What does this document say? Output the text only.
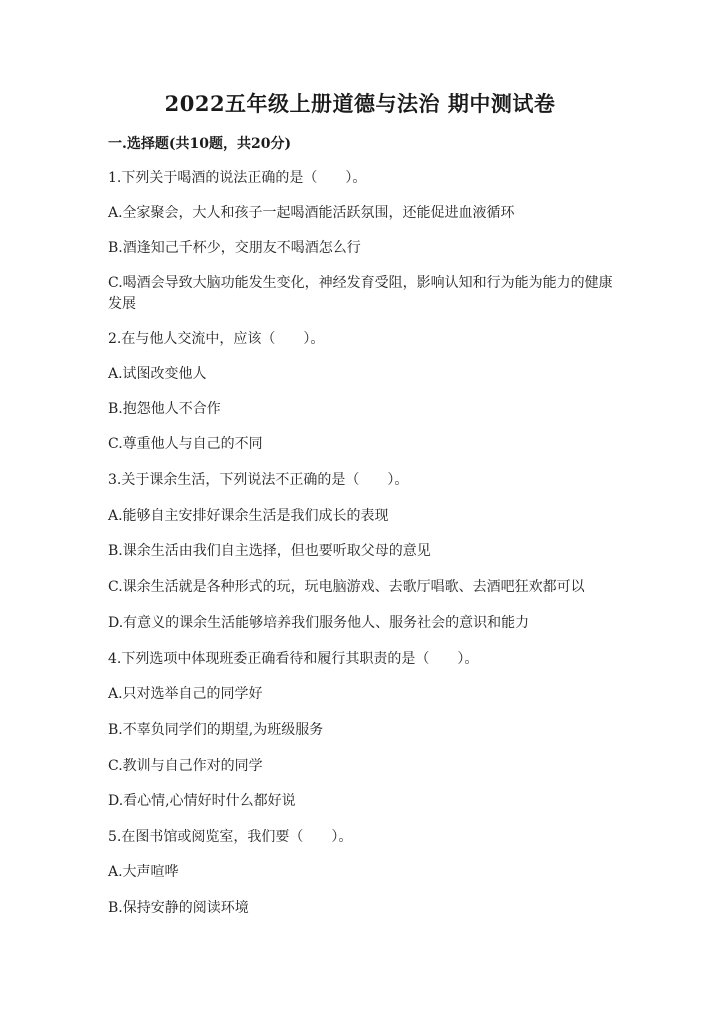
2022五年级上册道德与法治 期中测试卷
一.选择题(共10题，共20分)
1.下列关于喝酒的说法正确的是（　　）。
A.全家聚会，大人和孩子一起喝酒能活跃氛围，还能促进血液循环
B.酒逢知己千杯少，交朋友不喝酒怎么行
C.喝酒会导致大脑功能发生变化，神经发育受阻，影响认知和行为能为能力的健康发展
2.在与他人交流中，应该（　　）。
A.试图改变他人
B.抱怨他人不合作
C.尊重他人与自己的不同
3.关于课余生活，下列说法不正确的是（　　）。
A.能够自主安排好课余生活是我们成长的表现
B.课余生活由我们自主选择，但也要听取父母的意见
C.课余生活就是各种形式的玩，玩电脑游戏、去歌厅唱歌、去酒吧狂欢都可以
D.有意义的课余生活能够培养我们服务他人、服务社会的意识和能力
4.下列选项中体现班委正确看待和履行其职责的是（　　）。
A.只对选举自己的同学好
B.不辜负同学们的期望,为班级服务
C.教训与自己作对的同学
D.看心情,心情好时什么都好说
5.在图书馆或阅览室，我们要（　　）。
A.大声喧哗
B.保持安静的阅读环境
